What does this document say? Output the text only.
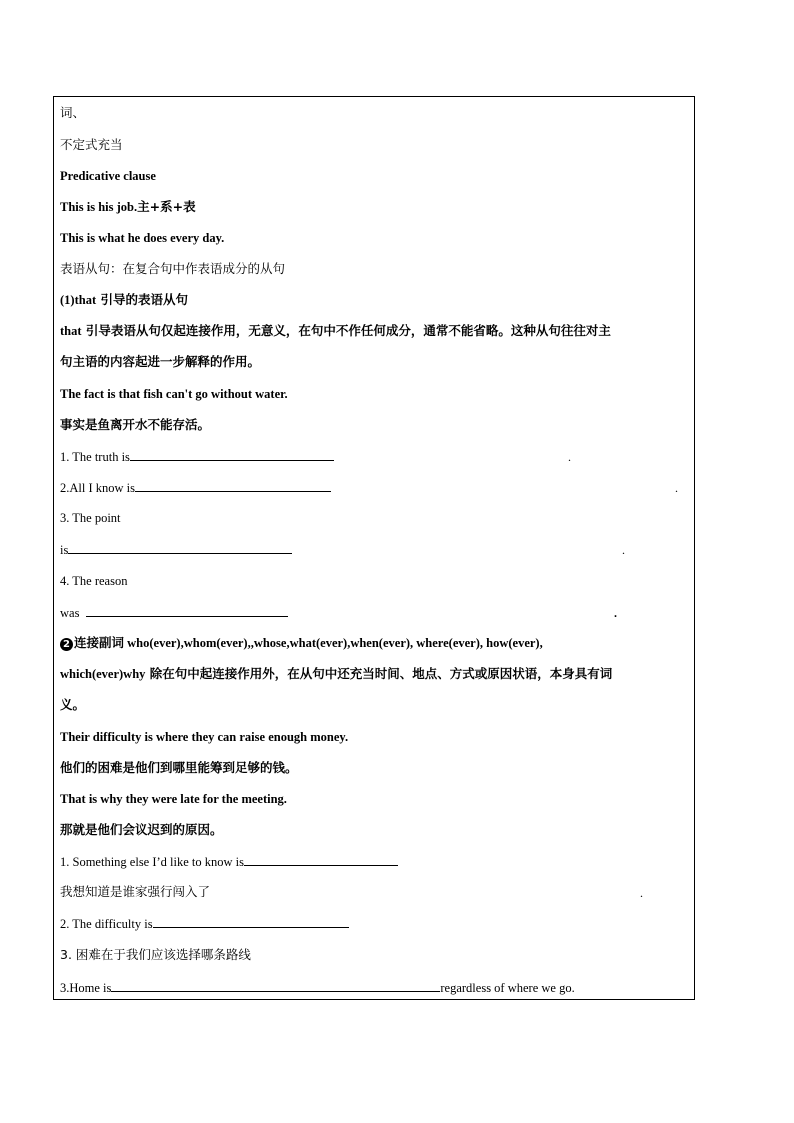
词、
不定式充当
Predicative clause
This is his job.主+系+表
This is what he does every day.
表语从句：在复合句中作表语成分的从句
(1)that 引导的表语从句
that 引导表语从句仅起连接作用，无意义，在句中不作任何成分，通常不能省略。这种从句往往对主
句主语的内容起进一步解释的作用。
The fact is that fish can't go without water.
事实是鱼离开水不能存活。
1. The truth is	.
2.All I know is	.
3. The point
is	.
4. The reason
was	.
2 连接副词 who(ever),whom(ever),,whose,what(ever),when(ever), where(ever), how(ever),
which(ever)why 除在句中起连接作用外，在从句中还充当时间、地点、方式或原因状语，本身具有词
义。
Their difficulty is where they can raise enough money.
他们的困难是他们到哪里能筹到足够的钱。
That is why they were late for the meeting.
那就是他们会议迟到的原因。
1. Something else I’d like to know is
我想知道是谁家强行闯入了	.
2. The difficulty is
3. 困难在于我们应该选择哪条路线
3.Home is	regardless of where we go.
